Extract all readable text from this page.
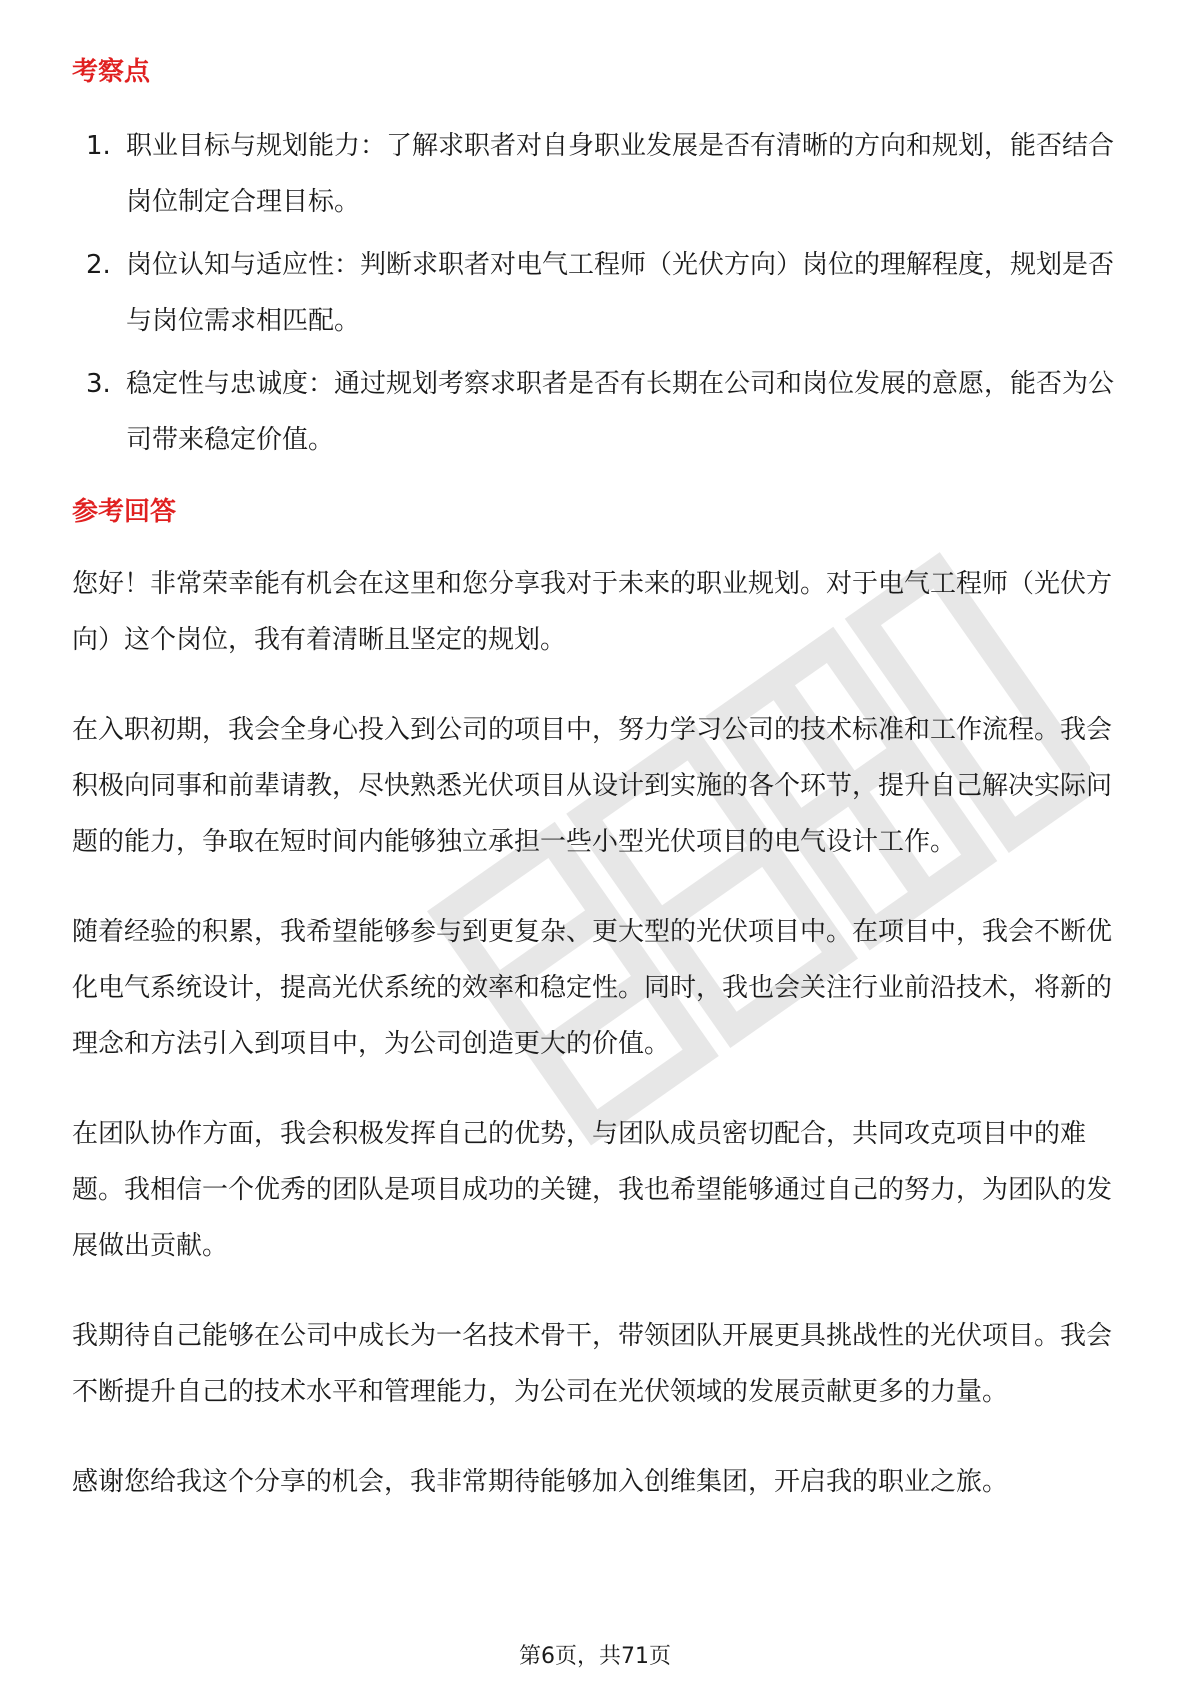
考察点
1. 职业目标与规划能力：了解求职者对自身职业发展是否有清晰的方向和规划，能否结合岗位制定合理目标。
2. 岗位认知与适应性：判断求职者对电气工程师（光伏方向）岗位的理解程度，规划是否与岗位需求相匹配。
3. 稳定性与忠诚度：通过规划考察求职者是否有长期在公司和岗位发展的意愿，能否为公司带来稳定价值。
参考回答

您好！非常荣幸能有机会在这里和您分享我对于未来的职业规划。对于电气工程师（光伏方向）这个岗位，我有着清晰且坚定的规划。

在入职初期，我会全身心投入到公司的项目中，努力学习公司的技术标准和工作流程。我会积极向同事和前辈请教，尽快熟悉光伏项目从设计到实施的各个环节，提升自己解决实际问题的能力，争取在短时间内能够独立承担一些小型光伏项目的电气设计工作。

随着经验的积累，我希望能够参与到更复杂、更大型的光伏项目中。在项目中，我会不断优化电气系统设计，提高光伏系统的效率和稳定性。同时，我也会关注行业前沿技术，将新的理念和方法引入到项目中，为公司创造更大的价值。

在团队协作方面，我会积极发挥自己的优势，与团队成员密切配合，共同攻克项目中的难题。我相信一个优秀的团队是项目成功的关键，我也希望能够通过自己的努力，为团队的发展做出贡献。

我期待自己能够在公司中成长为一名技术骨干，带领团队开展更具挑战性的光伏项目。我会不断提升自己的技术水平和管理能力，为公司在光伏领域的发展贡献更多的力量。

感谢您给我这个分享的机会，我非常期待能够加入创维集团，开启我的职业之旅。

第6页，共71页
